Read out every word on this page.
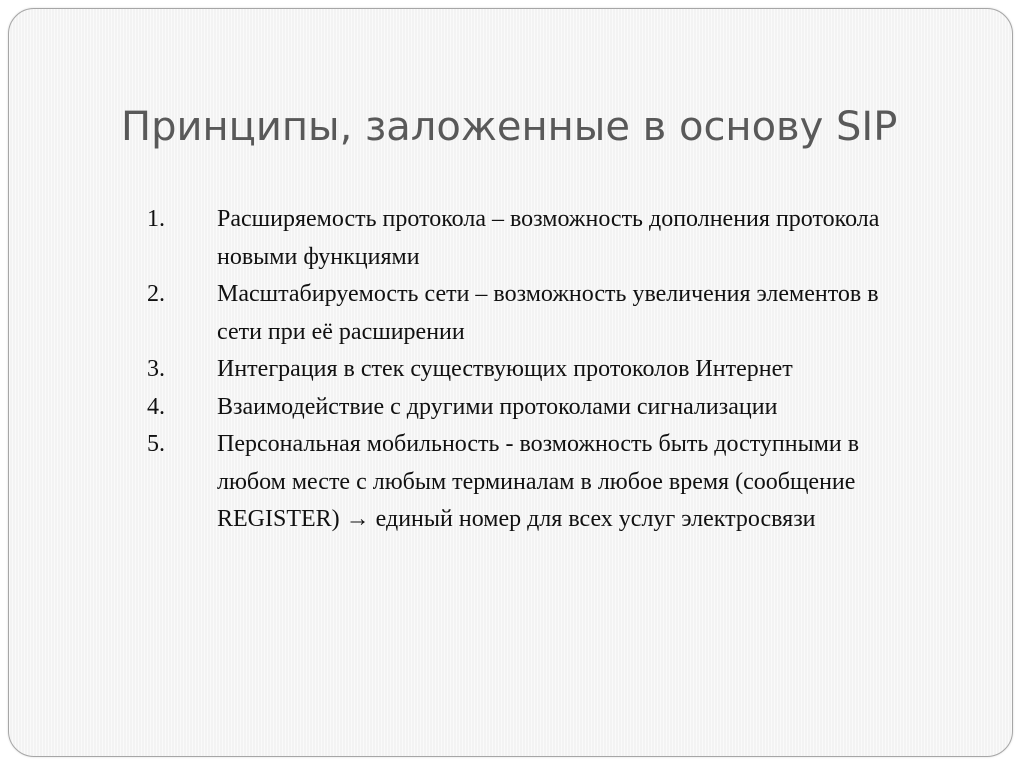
Принципы, заложенные в основу SIP
1.	Расширяемость протокола – возможность дополнения протокола новыми функциями
2.	Масштабируемость сети – возможность увеличения элементов в сети при её расширении
3.	Интеграция в стек существующих протоколов Интернет
4.	Взаимодействие с другими протоколами сигнализации
5.	Персональная мобильность - возможность быть доступными в любом месте с любым терминалам в любое время (сообщение REGISTER) → единый номер для всех услуг электросвязи
